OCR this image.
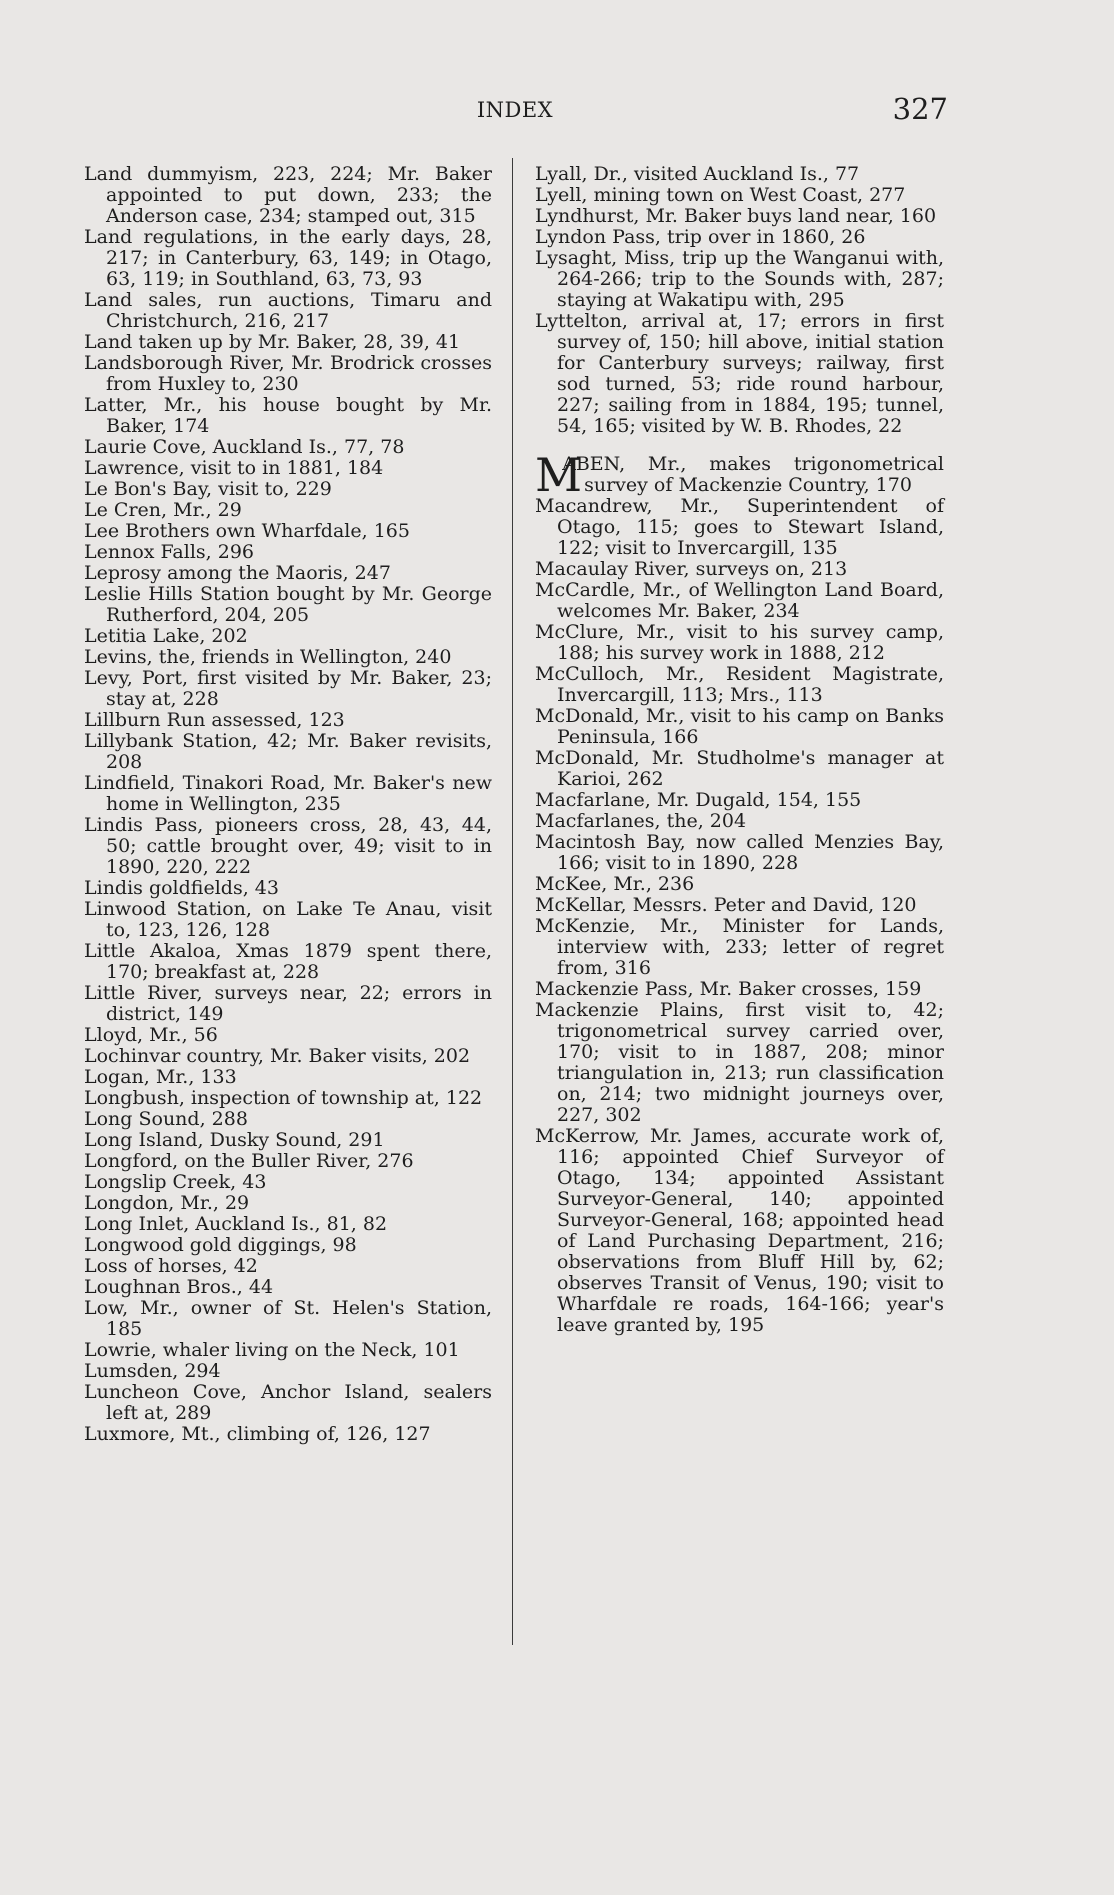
INDEX	327

Land dummyism, 223, 224; Mr. Baker appointed to put down, 233; the Anderson case, 234; stamped out, 315

Land regulations, in the early days, 28, 217; in Canterbury, 63, 149; in Otago, 63, 119; in Southland, 63, 73, 93

Land sales, run auctions, Timaru and Christchurch, 216, 217

Land taken up by Mr. Baker, 28, 39, 41

Landsborough River, Mr. Brodrick crosses from Huxley to, 230

Latter, Mr., his house bought by Mr. Baker, 174

Laurie Cove, Auckland Is., 77, 78

Lawrence, visit to in 1881, 184

Le Bon's Bay, visit to, 229

Le Cren, Mr., 29

Lee Brothers own Wharfdale, 165

Lennox Falls, 296

Leprosy among the Maoris, 247

Leslie Hills Station bought by Mr. George Rutherford, 204, 205

Letitia Lake, 202

Levins, the, friends in Wellington, 240

Levy, Port, first visited by Mr. Baker, 23; stay at, 228

Lillburn Run assessed, 123

Lillybank Station, 42; Mr. Baker revisits, 208

Lindfield, Tinakori Road, Mr. Baker's new home in Wellington, 235

Lindis Pass, pioneers cross, 28, 43, 44, 50; cattle brought over, 49; visit to in 1890, 220, 222

Lindis goldfields, 43

Linwood Station, on Lake Te Anau, visit to, 123, 126, 128

Little Akaloa, Xmas 1879 spent there, 170; breakfast at, 228

Little River, surveys near, 22; errors in district, 149

Lloyd, Mr., 56

Lochinvar country, Mr. Baker visits, 202

Logan, Mr., 133

Longbush, inspection of township at, 122

Long Sound, 288

Long Island, Dusky Sound, 291

Longford, on the Buller River, 276

Longslip Creek, 43

Longdon, Mr., 29

Long Inlet, Auckland Is., 81, 82

Longwood gold diggings, 98

Loss of horses, 42

Loughnan Bros., 44

Low, Mr., owner of St. Helen's Station, 185

Lowrie, whaler living on the Neck, 101

Lumsden, 294

Luncheon Cove, Anchor Island, sealers left at, 289

Luxmore, Mt., climbing of, 126, 127

Lyall, Dr., visited Auckland Is., 77

Lyell, mining town on West Coast, 277

Lyndhurst, Mr. Baker buys land near, 160

Lyndon Pass, trip over in 1860, 26

Lysaght, Miss, trip up the Wanganui with, 264-266; trip to the Sounds with, 287; staying at Wakatipu with, 295

Lyttelton, arrival at, 17; errors in first survey of, 150; hill above, initial station for Canterbury surveys; railway, first sod turned, 53; ride round harbour, 227; sailing from in 1884, 195; tunnel, 54, 165; visited by W. B. Rhodes, 22

M
ABEN, Mr., makes trigonometrical survey of Mackenzie Country, 170

Macandrew, Mr., Superintendent of Otago, 115; goes to Stewart Island, 122; visit to Invercargill, 135

Macaulay River, surveys on, 213

McCardle, Mr., of Wellington Land Board, welcomes Mr. Baker, 234

McClure, Mr., visit to his survey camp, 188; his survey work in 1888, 212

McCulloch, Mr., Resident Magistrate, Invercargill, 113; Mrs., 113

McDonald, Mr., visit to his camp on Banks Peninsula, 166

McDonald, Mr. Studholme's manager at Karioi, 262

Macfarlane, Mr. Dugald, 154, 155

Macfarlanes, the, 204

Macintosh Bay, now called Menzies Bay, 166; visit to in 1890, 228

McKee, Mr., 236

McKellar, Messrs. Peter and David, 120

McKenzie, Mr., Minister for Lands, interview with, 233; letter of regret from, 316

Mackenzie Pass, Mr. Baker crosses, 159

Mackenzie Plains, first visit to, 42; trigonometrical survey carried over, 170; visit to in 1887, 208; minor triangulation in, 213; run classification on, 214; two midnight journeys over, 227, 302

McKerrow, Mr. James, accurate work of, 116; appointed Chief Surveyor of Otago, 134; appointed Assistant Surveyor-General, 140; appointed Surveyor-General, 168; appointed head of Land Purchasing Department, 216; observations from Bluff Hill by, 62; observes Transit of Venus, 190; visit to Wharfdale re roads, 164-166; year's leave granted by, 195
